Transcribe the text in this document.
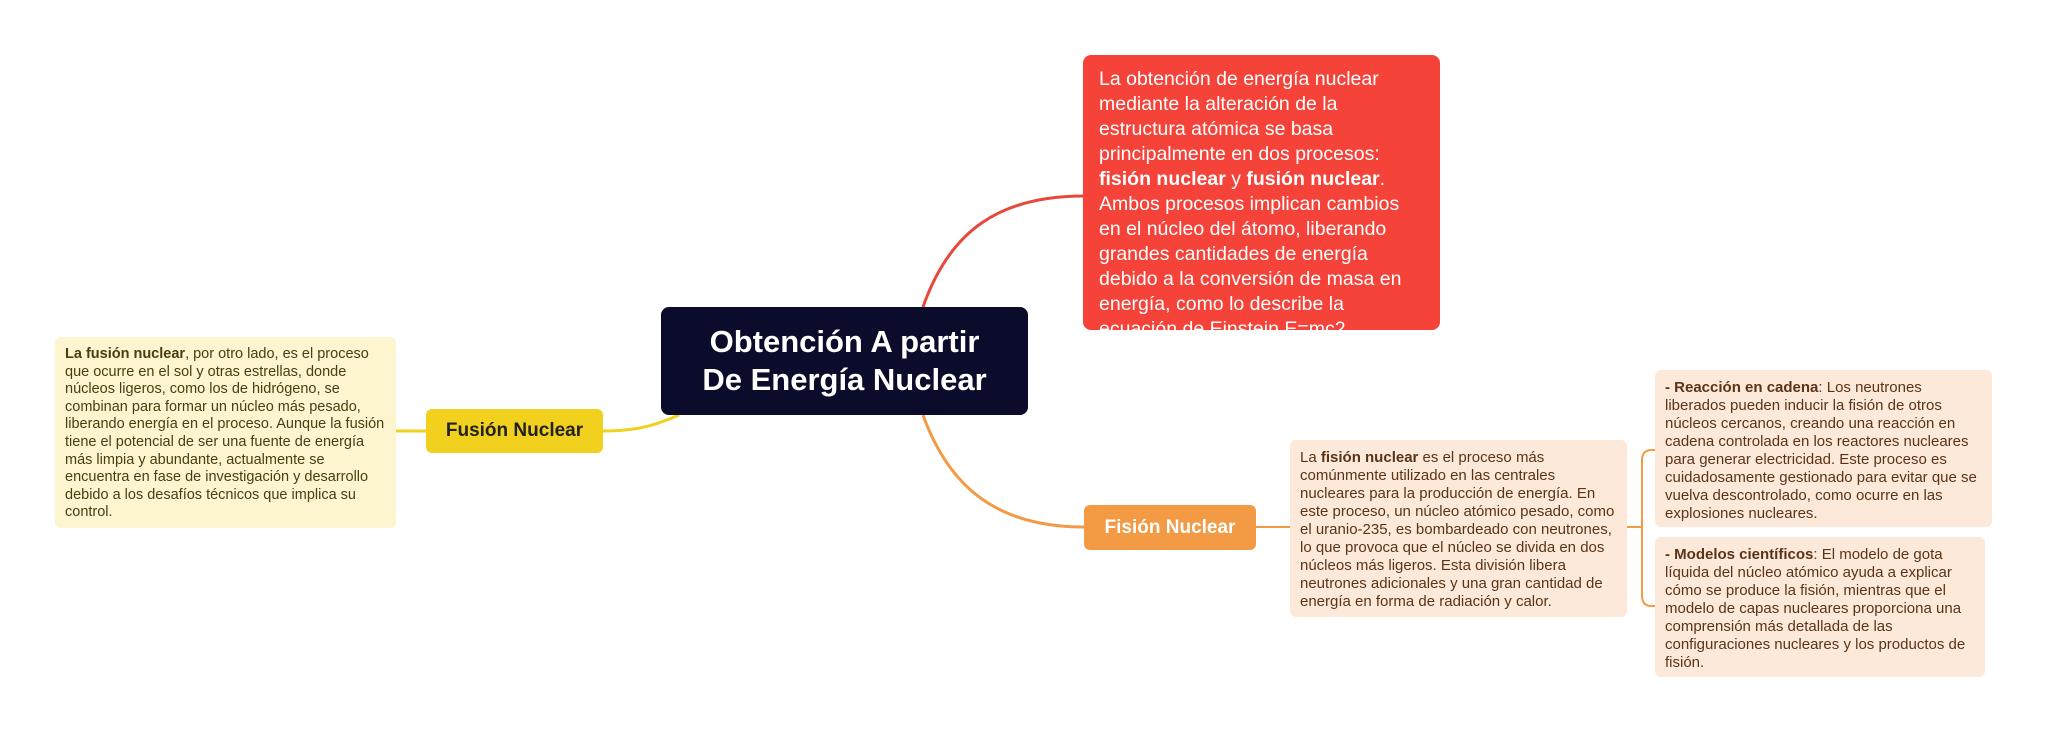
Obtención A partir
De Energía Nuclear
La obtención de energía nuclear mediante la alteración de la estructura atómica se basa principalmente en dos procesos: fisión nuclear y fusión nuclear. Ambos procesos implican cambios en el núcleo del átomo, liberando grandes cantidades de energía debido a la conversión de masa en energía, como lo describe la ecuación de Einstein E=mc2.
Fusión Nuclear
La fusión nuclear, por otro lado, es el proceso que ocurre en el sol y otras estrellas, donde núcleos ligeros, como los de hidrógeno, se combinan para formar un núcleo más pesado, liberando energía en el proceso. Aunque la fusión tiene el potencial de ser una fuente de energía más limpia y abundante, actualmente se encuentra en fase de investigación y desarrollo debido a los desafíos técnicos que implica su control.
Fisión Nuclear
La fisión nuclear es el proceso más comúnmente utilizado en las centrales nucleares para la producción de energía. En este proceso, un núcleo atómico pesado, como el uranio-235, es bombardeado con neutrones, lo que provoca que el núcleo se divida en dos núcleos más ligeros. Esta división libera neutrones adicionales y una gran cantidad de energía en forma de radiación y calor.
- Reacción en cadena: Los neutrones liberados pueden inducir la fisión de otros núcleos cercanos, creando una reacción en cadena controlada en los reactores nucleares para generar electricidad. Este proceso es cuidadosamente gestionado para evitar que se vuelva descontrolado, como ocurre en las explosiones nucleares.
- Modelos científicos: El modelo de gota líquida del núcleo atómico ayuda a explicar cómo se produce la fisión, mientras que el modelo de capas nucleares proporciona una comprensión más detallada de las configuraciones nucleares y los productos de fisión.
